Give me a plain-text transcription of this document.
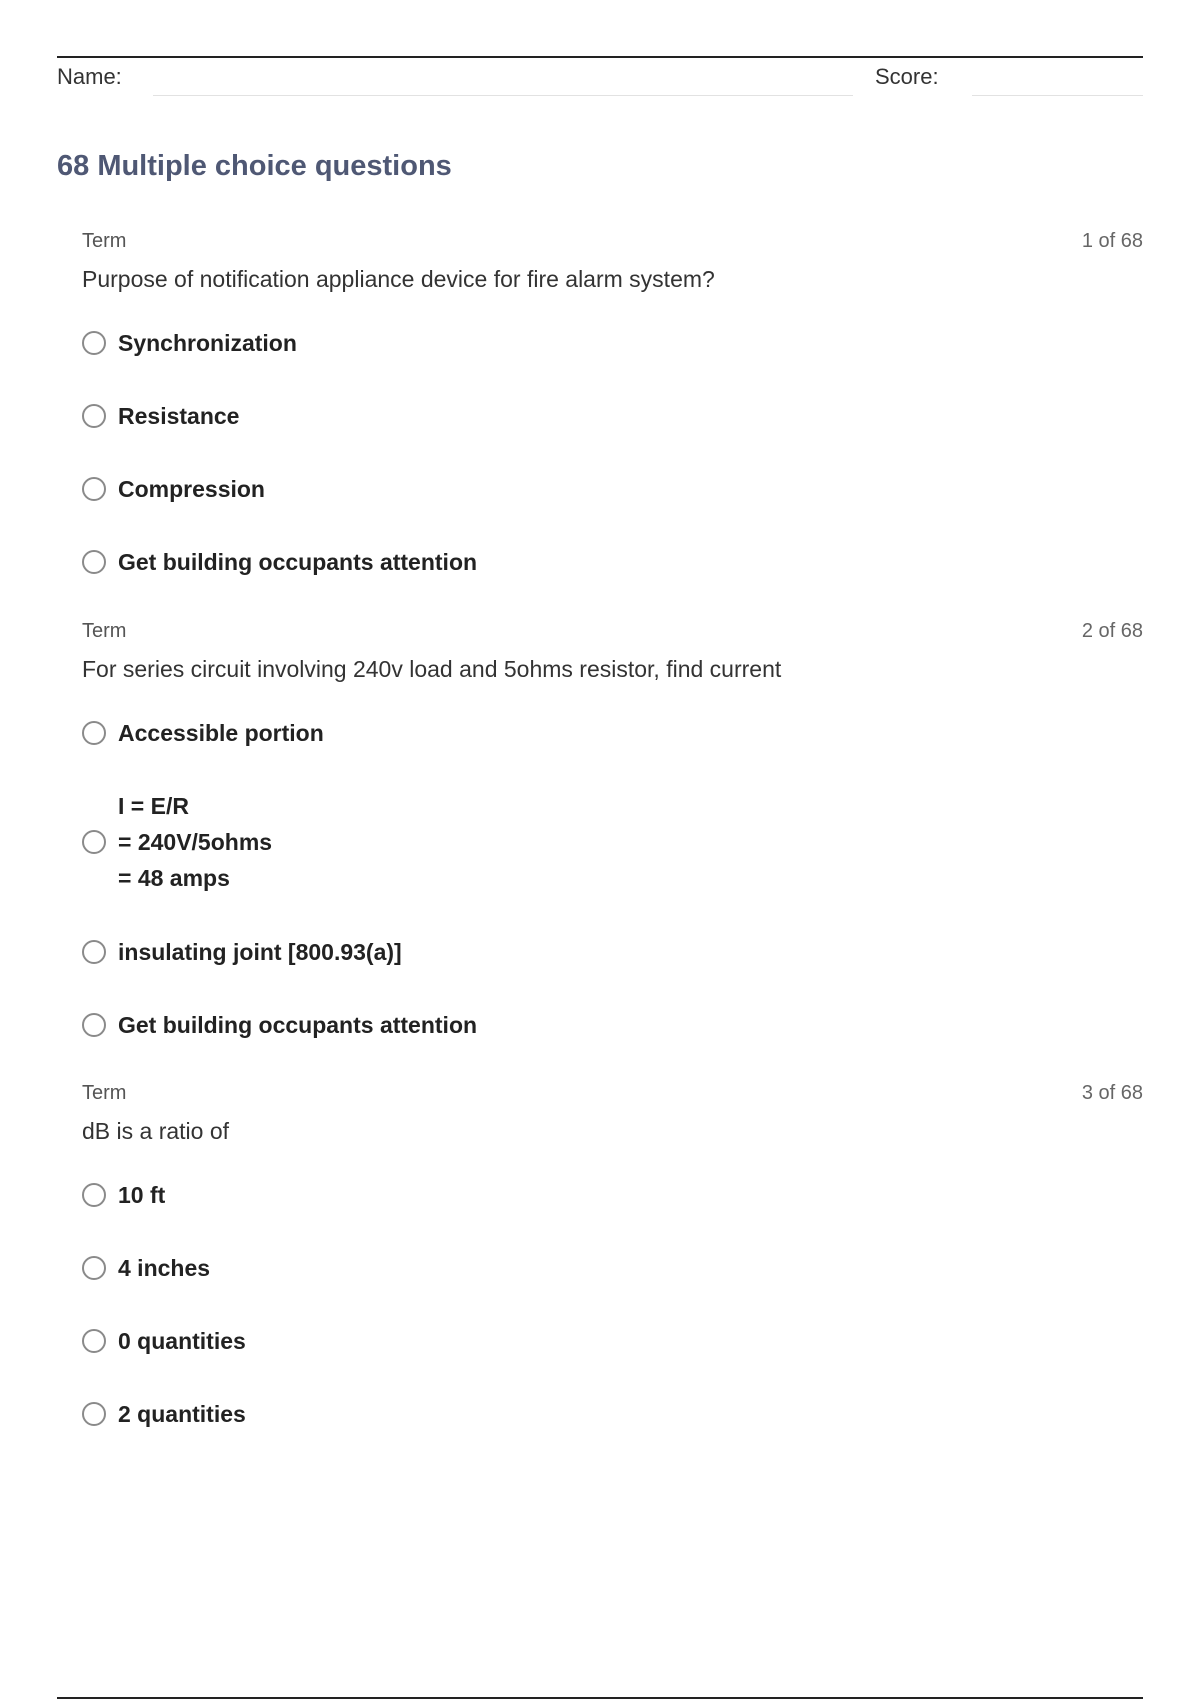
Name:	Score:
68 Multiple choice questions
Term	1 of 68

Purpose of notification appliance device for fire alarm system?

Synchronization
Resistance
Compression
Get building occupants attention
Term	2 of 68

For series circuit involving 240v load and 5ohms resistor, find current

Accessible portion
I = E/R
= 240V/5ohms
= 48 amps
insulating joint [800.93(a)]
Get building occupants attention
Term	3 of 68

dB is a ratio of

10 ft
4 inches
0 quantities
2 quantities
